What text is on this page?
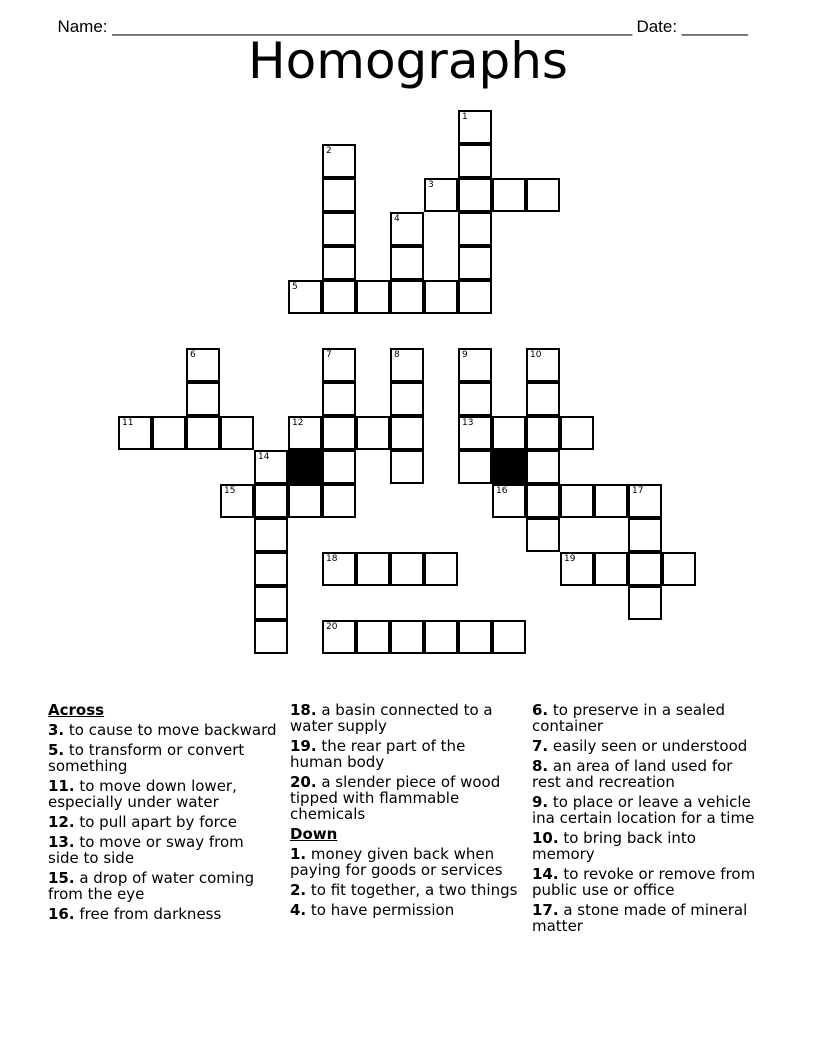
Name: _______________________________________________________ Date: _______

Homographs
1
2
3
4
5
6	7	8	9
13
10
11	12
14
15	16	17
18	19
20
Across
3. to cause to move backward
5. to transform or convert something
11. to move down lower, especially under water
12. to pull apart by force
13. to move or sway from side to side
15. a drop of water coming from the eye
16. free from darkness
18. a basin connected to a water supply
19. the rear part of the human body
20. a slender piece of wood tipped with flammable chemicals
Down
1. money given back when paying for goods or services
2. to fit together, a two things
4. to have permission
6. to preserve in a sealed container
7. easily seen or understood
8. an area of land used for rest and recreation
9. to place or leave a vehicle ina certain location for a time
10. to bring back into memory
14. to revoke or remove from public use or office
17. a stone made of mineral matter
